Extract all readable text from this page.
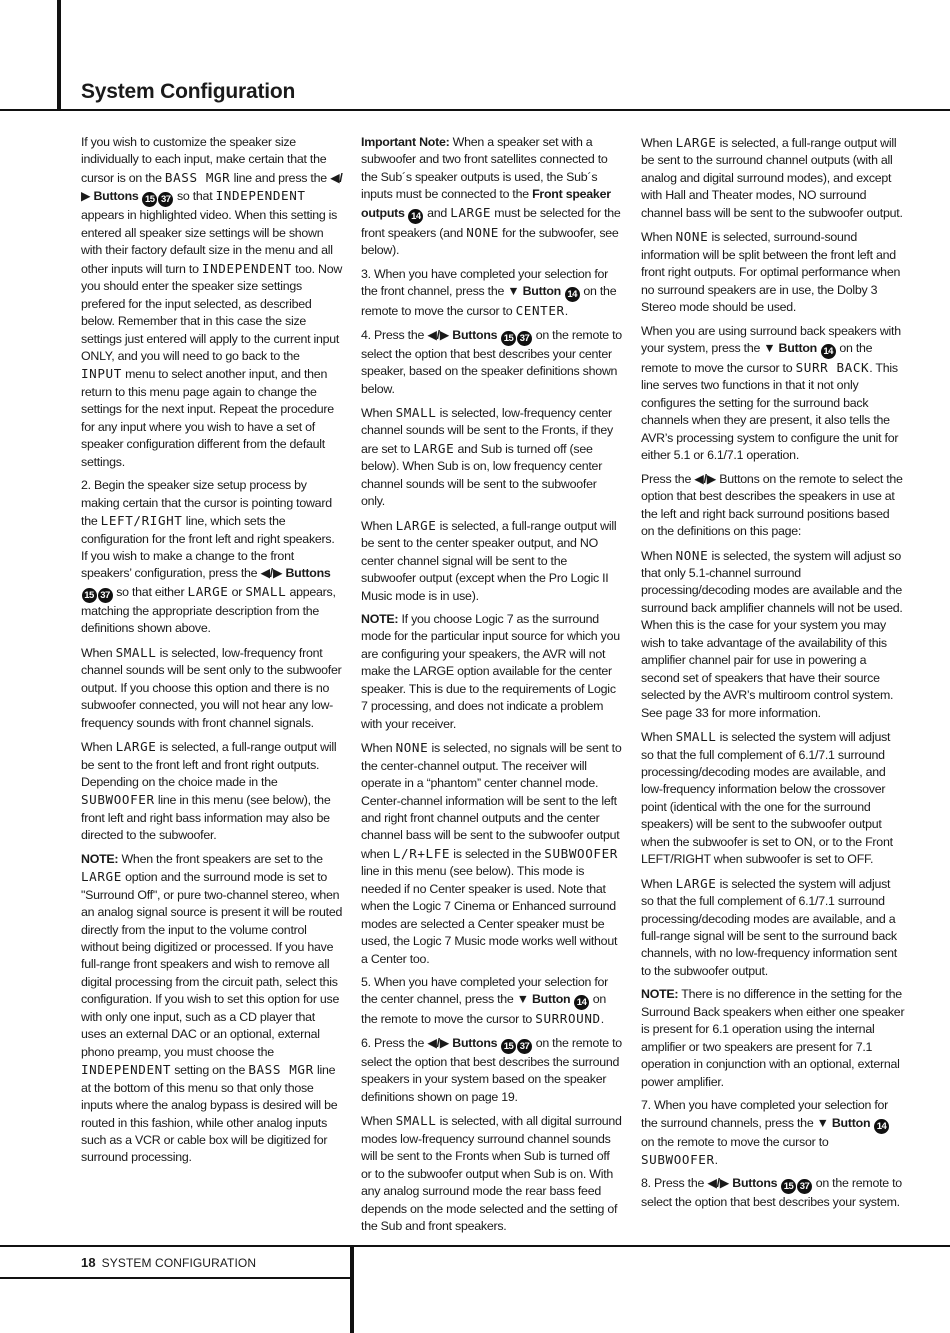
System Configuration

If you wish to customize the speaker size individually to each input, make certain that the cursor is on the BASS MGR line and press the ◀/▶ Buttons 15 37 so that INDEPENDENT appears in highlighted video. When this setting is entered all speaker size settings will be shown with their factory default size in the menu and all other inputs will turn to INDEPENDENT too. Now you should enter the speaker size settings prefered for the input selected, as described below. Remember that in this case the size settings just entered will apply to the current input ONLY, and you will need to go back to the INPUT menu to select another input, and then return to this menu page again to change the settings for the next input. Repeat the procedure for any input where you wish to have a set of speaker configuration different from the default settings.

2. Begin the speaker size setup process by making certain that the cursor is pointing toward the LEFT/RIGHT line, which sets the configuration for the front left and right speakers. If you wish to make a change to the front speakers’ configuration, press the ◀/▶ Buttons 15 37 so that either LARGE or SMALL appears, matching the appropriate description from the definitions shown above.

When SMALL is selected, low-frequency front channel sounds will be sent only to the subwoofer output. If you choose this option and there is no subwoofer connected, you will not hear any low-frequency sounds with front channel signals.

When LARGE is selected, a full-range output will be sent to the front left and front right outputs. Depending on the choice made in the SUBWOOFER line in this menu (see below), the front left and right bass information may also be directed to the subwoofer.

NOTE: When the front speakers are set to the LARGE option and the surround mode is set to "Surround Off", or pure two-channel stereo, when an analog signal source is present it will be routed directly from the input to the volume control without being digitized or processed. If you have full-range front speakers and wish to remove all digital processing from the circuit path, select this configuration. If you wish to set this option for use with only one input, such as a CD player that uses an external DAC or an optional, external phono preamp, you must choose the INDEPENDENT setting on the BASS MGR line at the bottom of this menu so that only those inputs where the analog bypass is desired will be routed in this fashion, while other analog inputs such as a VCR or cable box will be digitized for surround processing.

Important Note: When a speaker set with a subwoofer and two front satellites connected to the Sub´s speaker outputs is used, the Sub´s inputs must be connected to the Front speaker outputs 14 and LARGE must be selected for the front speakers (and NONE for the subwoofer, see below).

3. When you have completed your selection for the front channel, press the ▼ Button 14 on the remote to move the cursor to CENTER.

4. Press the ◀/▶ Buttons 15 37 on the remote to select the option that best describes your center speaker, based on the speaker definitions shown below.

When SMALL is selected, low-frequency center channel sounds will be sent to the Fronts, if they are set to LARGE and Sub is turned off (see below). When Sub is on, low frequency center channel sounds will be sent to the subwoofer only.

When LARGE is selected, a full-range output will be sent to the center speaker output, and NO center channel signal will be sent to the subwoofer output (except when the Pro Logic II Music mode is in use).

NOTE: If you choose Logic 7 as the surround mode for the particular input source for which you are configuring your speakers, the AVR will not make the LARGE option available for the center speaker. This is due to the requirements of Logic 7 processing, and does not indicate a problem with your receiver.

When NONE is selected, no signals will be sent to the center-channel output. The receiver will operate in a “phantom” center channel mode. Center-channel information will be sent to the left and right front channel outputs and the center channel bass will be sent to the subwoofer output when L/R+LFE is selected in the SUBWOOFER line in this menu (see below). This mode is needed if no Center speaker is used. Note that when the Logic 7 Cinema or Enhanced surround modes are selected a Center speaker must be used, the Logic 7 Music mode works well without a Center too.

5. When you have completed your selection for the center channel, press the ▼ Button 14 on the remote to move the cursor to SURROUND.

6. Press the ◀/▶ Buttons 15 37 on the remote to select the option that best describes the surround speakers in your system based on the speaker definitions shown on page 19.

When SMALL is selected, with all digital surround modes low-frequency surround channel sounds will be sent to the Fronts when Sub is turned off or to the subwoofer output when Sub is on. With any analog surround mode the rear bass feed depends on the mode selected and the setting of the Sub and front speakers.

When LARGE is selected, a full-range output will be sent to the surround channel outputs (with all analog and digital surround modes), and except with Hall and Theater modes, NO surround channel bass will be sent to the subwoofer output.

When NONE is selected, surround-sound information will be split between the front left and front right outputs. For optimal performance when no surround speakers are in use, the Dolby 3 Stereo mode should be used.

When you are using surround back speakers with your system, press the ▼ Button 14 on the remote to move the cursor to SURR BACK. This line serves two functions in that it not only configures the setting for the surround back channels when they are present, it also tells the AVR’s processing system to configure the unit for either 5.1 or 6.1/7.1 operation.

Press the ◀/▶ Buttons on the remote to select the option that best describes the speakers in use at the left and right back surround positions based on the definitions on this page:

When NONE is selected, the system will adjust so that only 5.1-channel surround processing/decoding modes are available and the surround back amplifier channels will not be used. When this is the case for your system you may wish to take advantage of the availability of this amplifier channel pair for use in powering a second set of speakers that have their source selected by the AVR’s multiroom control system. See page 33 for more information.

When SMALL is selected the system will adjust so that the full complement of 6.1/7.1 surround processing/decoding modes are available, and low-frequency information below the crossover point (identical with the one for the surround speakers) will be sent to the subwoofer output when the subwoofer is set to ON, or to the Front LEFT/RIGHT when subwoofer is set to OFF.

When LARGE is selected the system will adjust so that the full complement of 6.1/7.1 surround processing/decoding modes are available, and a full-range signal will be sent to the surround back channels, with no low-frequency information sent to the subwoofer output.

NOTE: There is no difference in the setting for the Surround Back speakers when either one speaker is present for 6.1 operation using the internal amplifier or two speakers are present for 7.1 operation in conjunction with an optional, external power amplifier.

7. When you have completed your selection for the surround channels, press the ▼ Button 14 on the remote to move the cursor to SUBWOOFER.

8. Press the ◀/▶ Buttons 15 37 on the remote to select the option that best describes your system.

18 SYSTEM CONFIGURATION
